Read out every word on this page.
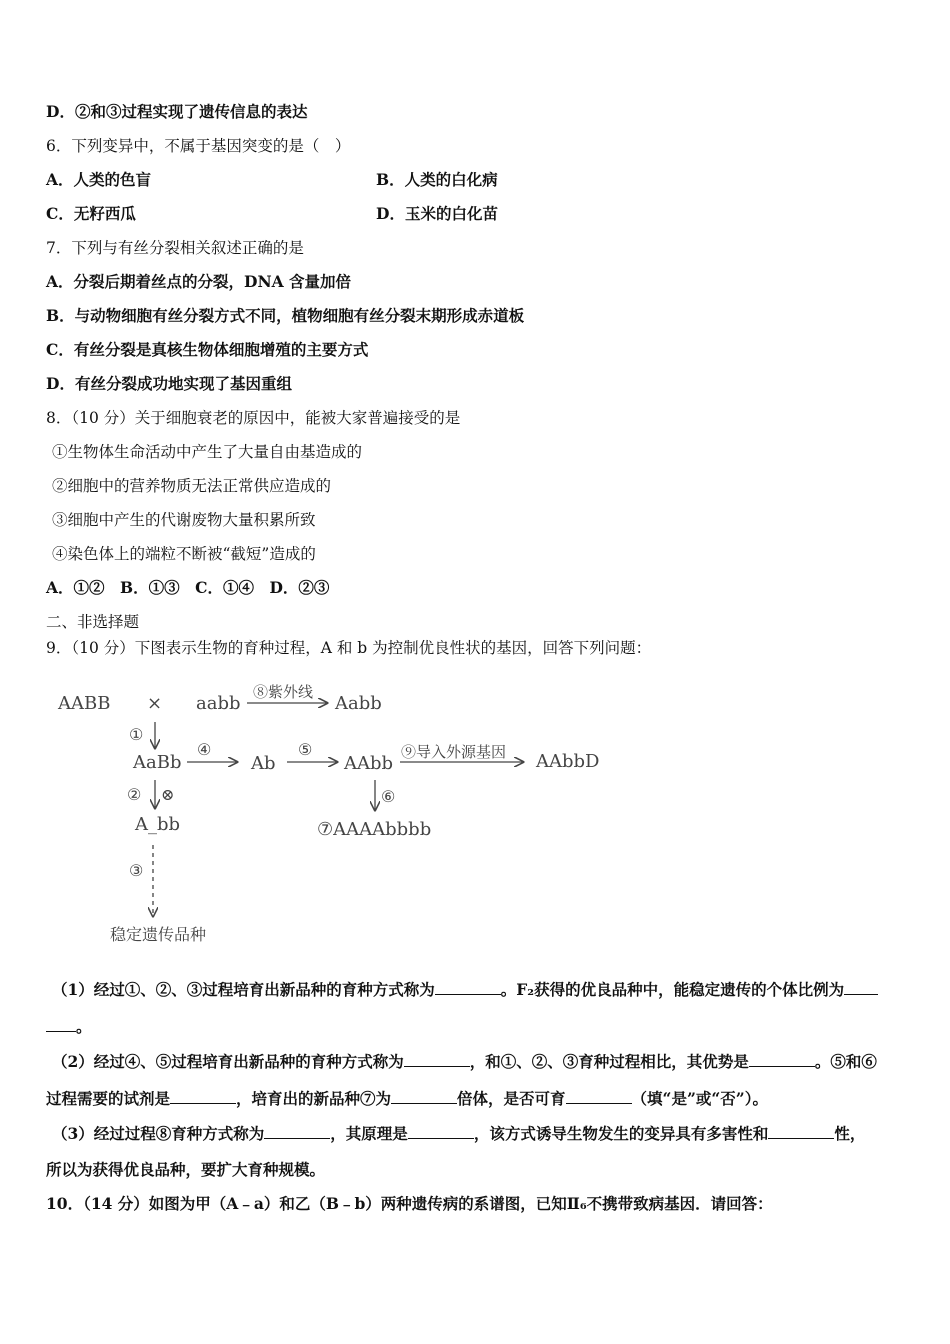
D．②和③过程实现了遗传信息的表达
6．下列变异中，不属于基因突变的是（　）
A．人类的色盲	B．人类的白化病
C．无籽西瓜	D．玉米的白化苗
7．下列与有丝分裂相关叙述正确的是
A．分裂后期着丝点的分裂，DNA 含量加倍
B．与动物细胞有丝分裂方式不同，植物细胞有丝分裂末期形成赤道板
C．有丝分裂是真核生物体细胞增殖的主要方式
D．有丝分裂成功地实现了基因重组
8．（10 分）关于细胞衰老的原因中，能被大家普遍接受的是
①生物体生命活动中产生了大量自由基造成的
②细胞中的营养物质无法正常供应造成的
③细胞中产生的代谢废物大量积累所致
④染色体上的端粒不断被“截短”造成的
A．①②　B．①③　C．①④　D．②③
二、非选择题
9．（10 分）下图表示生物的育种过程，A 和 b 为控制优良性状的基因，回答下列问题：
AABB × aabb
⑧紫外线
Aabb
①
AaBb
④
Ab
⑤
AAbb
⑨导入外源基因 AAbbD
② ⊗	⑥
A_bb	⑦AAAAbbbb
③
稳定遗传品种
（1）经过①、②、③过程培育出新品种的育种方式称为	。F₂获得的优良品种中，能稳定遗传的个体比例为
。
（2）经过④、⑤过程培育出新品种的育种方式称为	，和①、②、③育种过程相比，其优势是	。⑤和⑥
过程需要的试剂是	，培育出的新品种⑦为	倍体，是否可育	（填“是”或“否”）。
（3）经过过程⑧育种方式称为	，其原理是	，该方式诱导生物发生的变异具有多害性和	性，
所以为获得优良品种，要扩大育种规模。
10．（14 分）如图为甲（A﹣a）和乙（B﹣b）两种遗传病的系谱图，已知Ⅱ₆不携带致病基因．请回答：
